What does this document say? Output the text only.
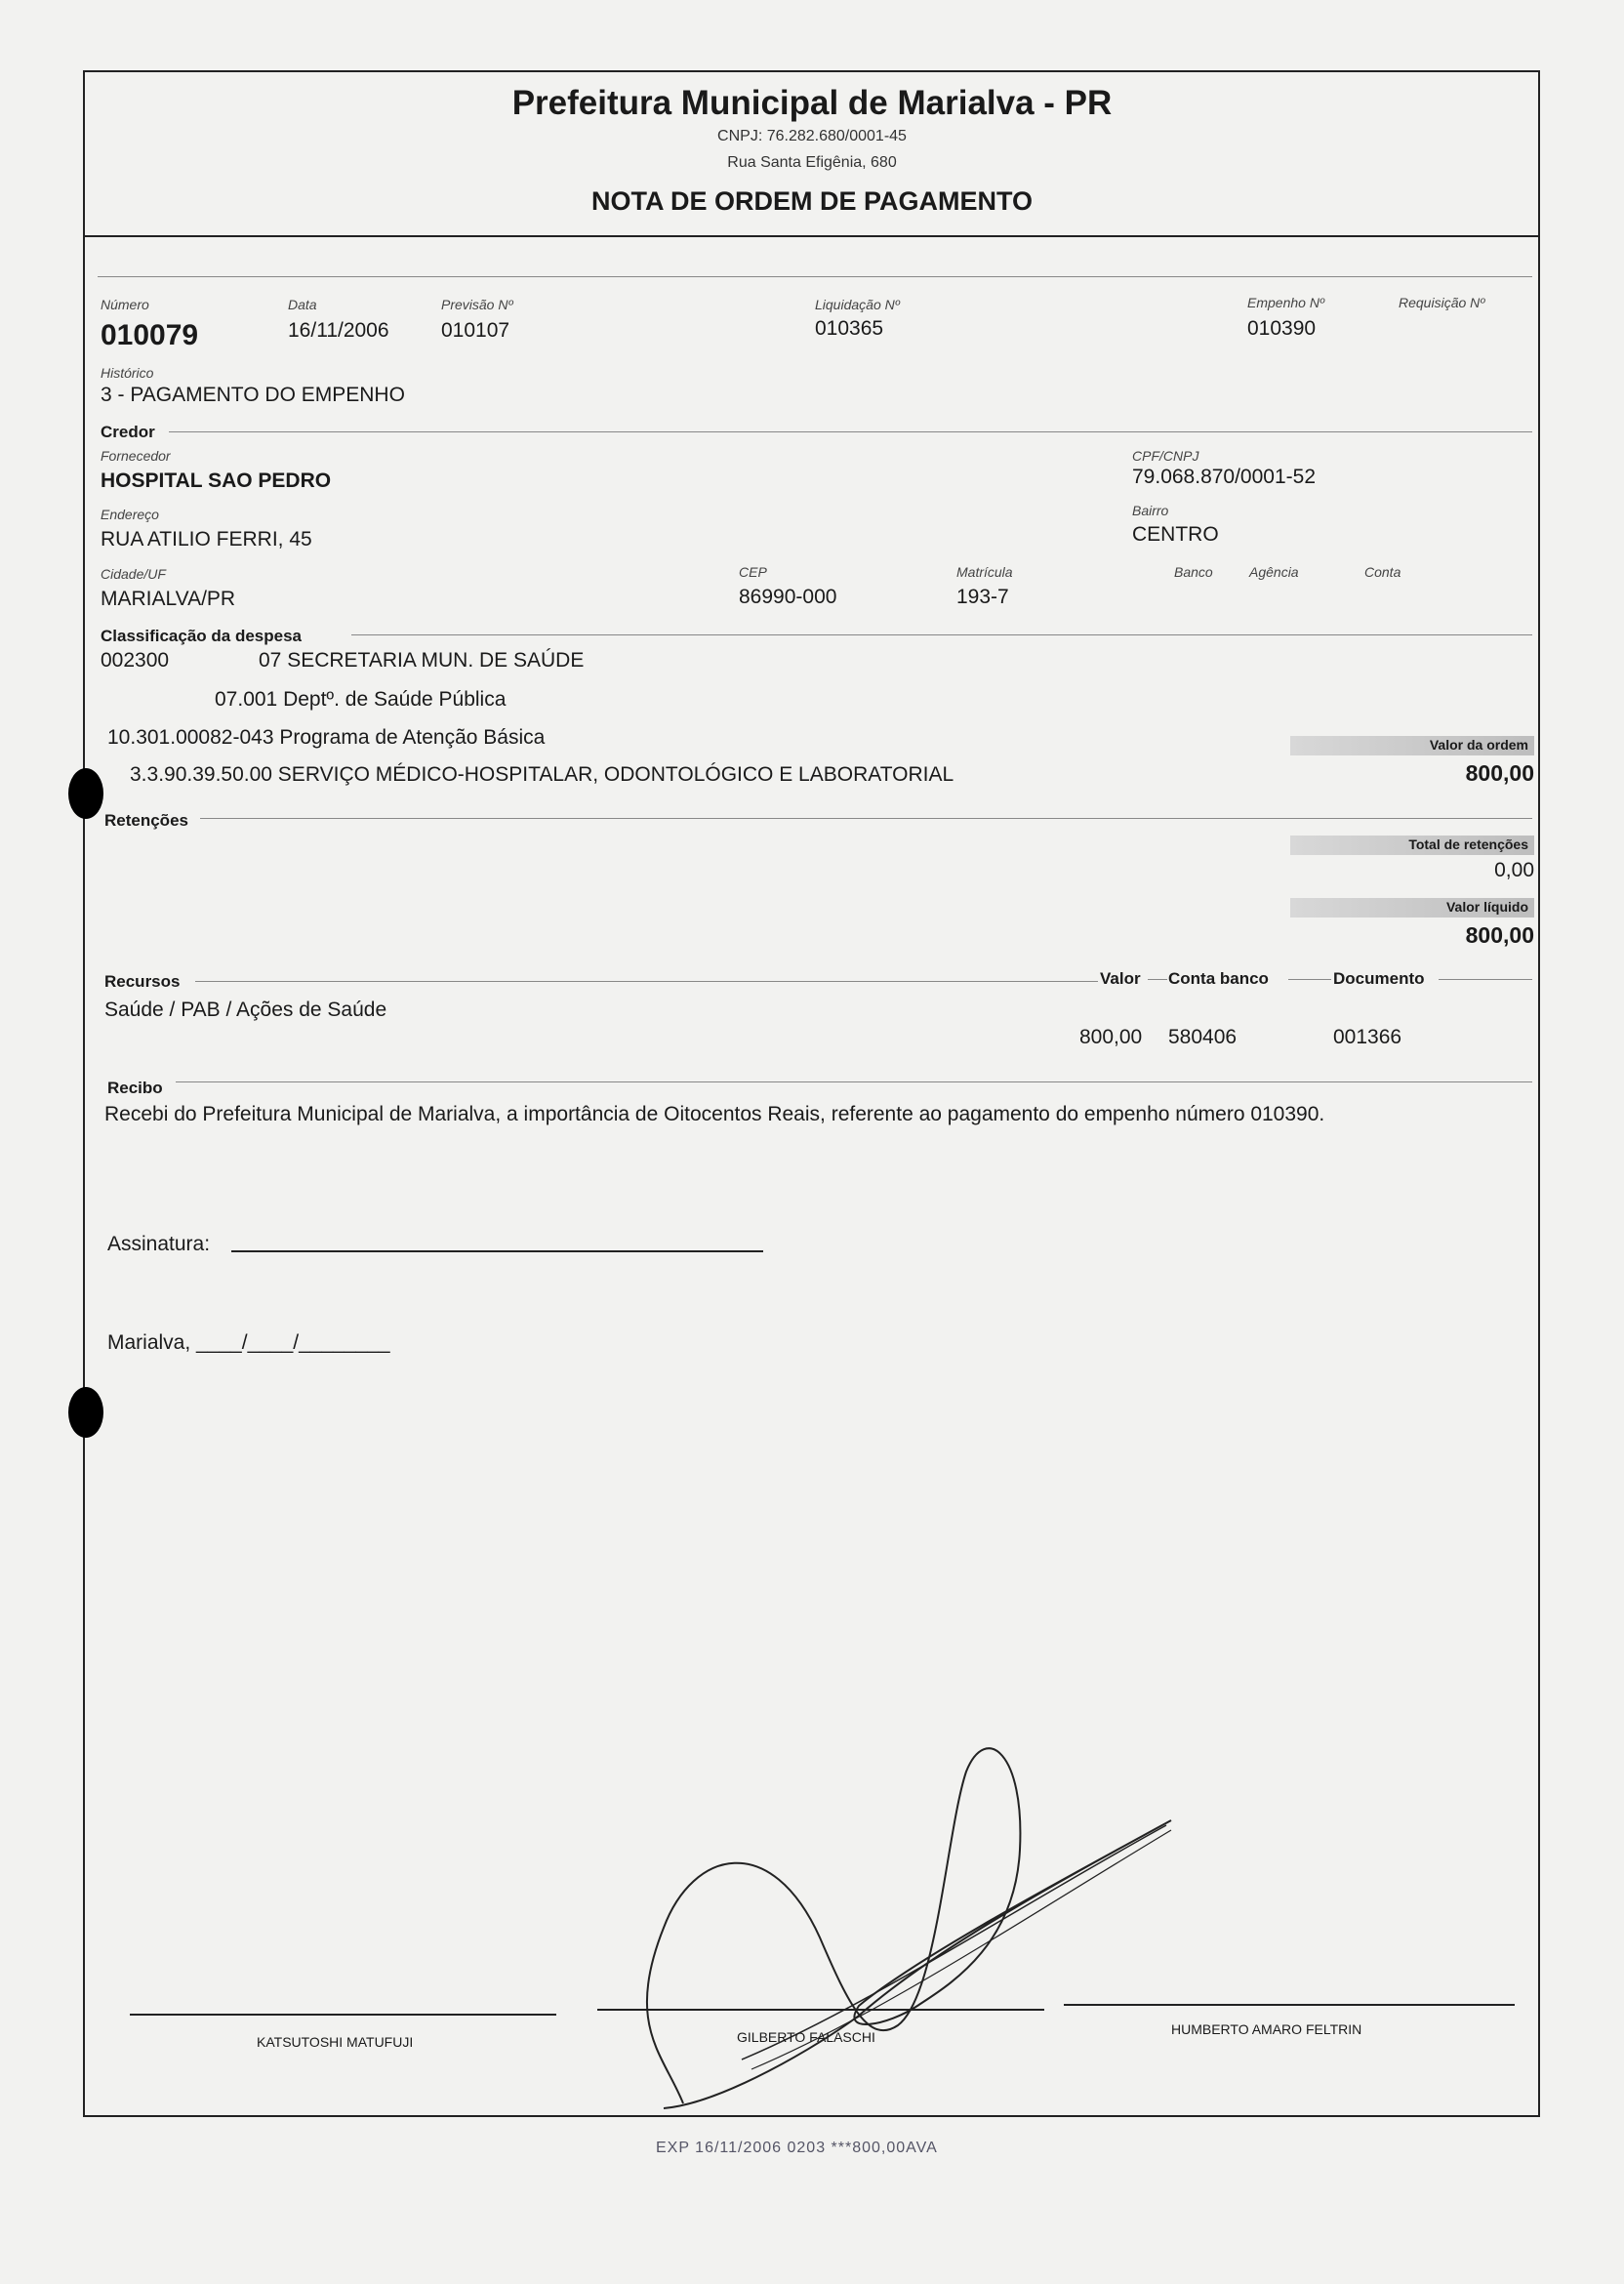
Prefeitura Municipal de Marialva - PR
CNPJ: 76.282.680/0001-45
Rua Santa Efigênia, 680
NOTA DE ORDEM DE PAGAMENTO
Número
010079
Data
16/11/2006
Previsão Nº
010107
Liquidação Nº
010365
Empenho Nº
010390
Requisição Nº
Histórico
3 - PAGAMENTO DO EMPENHO
Credor
Fornecedor
HOSPITAL SAO PEDRO
CPF/CNPJ
79.068.870/0001-52
Endereço
RUA ATILIO FERRI, 45
Bairro
CENTRO
Cidade/UF
MARIALVA/PR
CEP
86990-000
Matrícula
193-7
Banco	Agência	Conta
Classificação da despesa
002300	07 SECRETARIA MUN. DE SAÚDE
07.001 Deptº. de Saúde Pública
10.301.00082-043 Programa de Atenção Básica
3.3.90.39.50.00 SERVIÇO MÉDICO-HOSPITALAR, ODONTOLÓGICO E LABORATORIAL
Valor da ordem
800,00
Retenções
Total de retenções
0,00
Valor líquido
800,00
Recursos	Valor Conta banco	Documento
Saúde / PAB / Ações de Saúde
800,00 580406	001366
Recibo
Recebi do Prefeitura Municipal de Marialva, a importância de Oitocentos Reais, referente ao pagamento do empenho número 010390.
Assinatura:
Marialva, ____/____/________
KATSUTOSHI MATUFUJI	GILBERTO FALASCHI	HUMBERTO AMARO FELTRIN
EXP 16/11/2006 0203 ***800,00AVA
